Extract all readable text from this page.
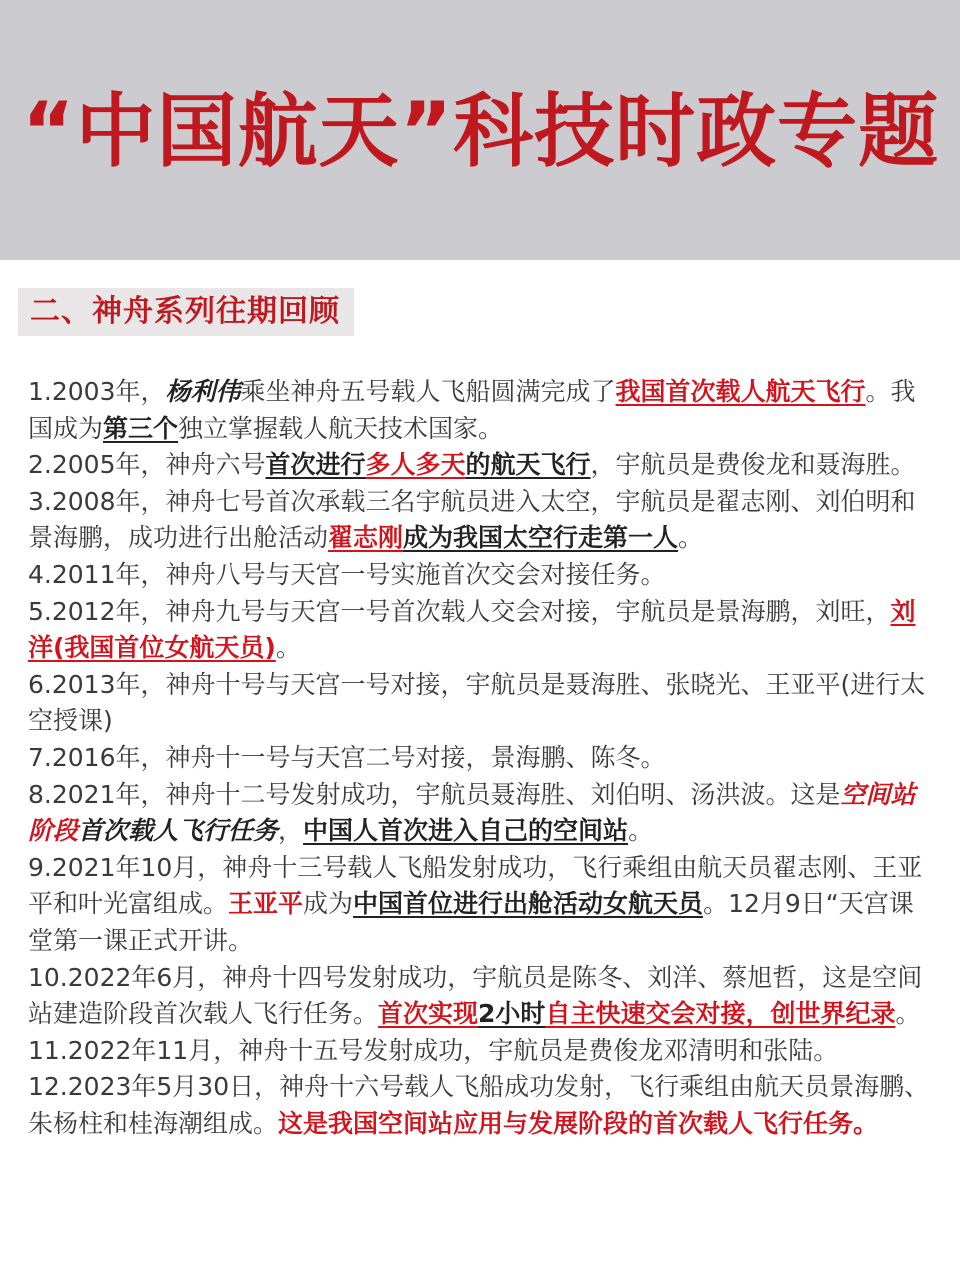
“中国航天”科技时政专题
二、神舟系列往期回顾

1.2003年，杨利伟乘坐神舟五号载人飞船圆满完成了我国首次载人航天飞行。我国成为第三个独立掌握载人航天技术国家。

2.2005年，神舟六号首次进行多人多天的航天飞行，宇航员是费俊龙和聂海胜。

3.2008年，神舟七号首次承载三名宇航员进入太空，宇航员是翟志刚、刘伯明和景海鹏，成功进行出舱活动翟志刚成为我国太空行走第一人。

4.2011年，神舟八号与天宫一号实施首次交会对接任务。

5.2012年，神舟九号与天宫一号首次载人交会对接，宇航员是景海鹏，刘旺，刘洋(我国首位女航天员)。

6.2013年，神舟十号与天宫一号对接，宇航员是聂海胜、张晓光、王亚平(进行太空授课)

7.2016年，神舟十一号与天宫二号对接，景海鹏、陈冬。

8.2021年，神舟十二号发射成功，宇航员聂海胜、刘伯明、汤洪波。这是空间站阶段首次载人飞行任务，中国人首次进入自己的空间站。

9.2021年10月，神舟十三号载人飞船发射成功，飞行乘组由航天员翟志刚、王亚平和叶光富组成。王亚平成为中国首位进行出舱活动女航天员。12月9日“天宫课堂第一课正式开讲。

10.2022年6月，神舟十四号发射成功，宇航员是陈冬、刘洋、蔡旭哲，这是空间站建造阶段首次载人飞行任务。首次实现2小时自主快速交会对接，创世界纪录。

11.2022年11月，神舟十五号发射成功，宇航员是费俊龙邓清明和张陆。

12.2023年5月30日，神舟十六号载人飞船成功发射，飞行乘组由航天员景海鹏、朱杨柱和桂海潮组成。这是我国空间站应用与发展阶段的首次载人飞行任务。
